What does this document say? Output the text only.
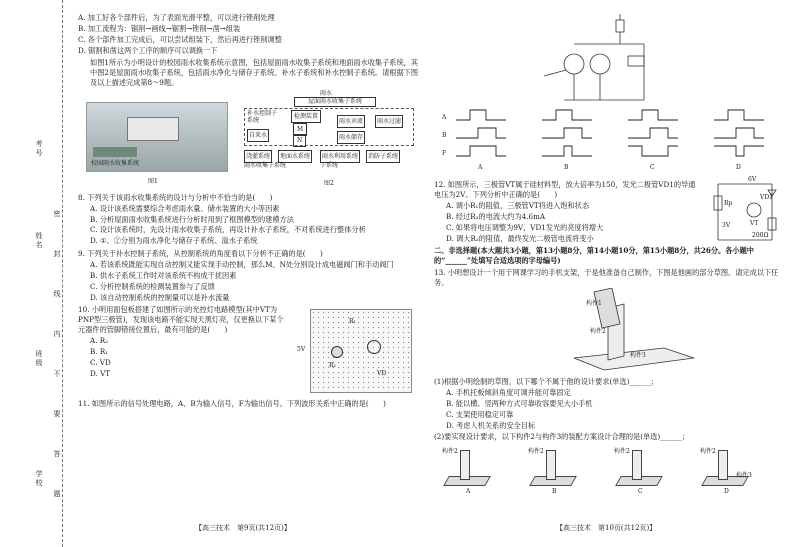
考号
姓名
班级
学校
密
封
线
内
不
要
答
题

A. 加工好各个部件后，为了表面光滑平整，可以进行锉削处理

B. 加工流程为：锯削→画线→锯割→锉削→凿→组装

C. 各个部件加工完成后，可以尝试组装下，然后再进行锉削调整

D. 锯割和凿这两个工序的顺序可以调换一下

如图1所示为小明设计的校园雨水收集系统示意图，包括屋面雨水收集子系统和地面雨水收集子系统，其中图2是屋面雨水收集子系统，包括雨水净化与储存子系统、补水子系统和补水控制子系统。请根据下图及以上描述完成第8～9题。

校园雨水收集系统
图1
雨水
屋面雨水收集子系统
补水控制子系统
检测装置
自来水
M
N
雨水弃流	雨水过滤
雨水储存
浇灌系统	地面水系统	雨水利用系统	消防子系统
雨水收集子系统	子系统
图2

8. 下列关于该雨水收集系统的设计与分析中不恰当的是(　　)

A. 设计该系统需要综合考虑雨水量、储水装置的大小等因素

B. 分析屋面雨水收集系统进行分析时用到了框图模型的建模方法

C. 设计该系统时，先设计雨水收集子系统，再设计补水子系统，不对系统进行整体分析

D. ①、②分别为雨水净化与储存子系统、溢水子系统

9. 下列关于补水控制子系统，从控制系统的角度看以下分析不正确的是(　　)

A. 若该系统既能实现自动控制又能实现手动控制，那么M、N处分别设计成电磁阀门和手动阀门

B. 供水子系统工作时对该系统不构成干扰因素

C. 分析控制系统的检测装置参与了反馈

D. 该自动控制系统的控制量可以是补水流量

10. 小明用面包板搭建了如图所示的光控灯电路模型(其中VT为PNP型三极管)，发现该电路不能实现天黑灯亮，仅更换以下某个元器件的管脚错接位置后，最有可能的是(　　)

A. R₂

B. R₁

C. VD

D. VT

5V
R₁
R₂
VD

11. 如图所示的信号处理电路，A、B为输入信号，F为输出信号。下列波形关系中正确的是(　　)

【高三技术　第9页(共12页)】
A
B
F
A	B	C	D

12. 如图所示，三极管VT属于硅材料型，放大倍率为150，发光二极管VD1的导通电压为2V。下列分析中正确的是(　　)

A. 调小R₁的阻值，三极管VT将进入饱和状态

B. 经过R₂的电流大约为4.6mA

C. 如果将电压调整为9V，VD1发光的亮度将增大

D. 调大R₂的阻值，最终发光二极管电流将变小

6V
VD1
Rp
VT
200Ω
3V

二、非选择题(本大题共3小题，第13小题8分，第14小题10分，第15小题8分，共26分。各小题中的“______”处填写合适选项的字母编号)

13. 小明想设计一个用于网课学习的手机支架，于是他准备自己制作，下图是他画的部分草图。请完成以下任务。

构件1
构件2
构件3

(1)根据小明绘制的草图，以下哪个不属于他的设计要求(单选)______；

A. 手机托板倾斜角度可调并能可靠固定

B. 能以横、竖两种方式可靠收容要见大小手机

C. 支架使用稳定可靠

D. 考虑人机关系的安全目标

(2)要实现设计要求，以下构件2与构件3的装配方案设计合理的是(单选)______；

构件2
A
构件2
B
构件2
C
构件2
构件3
D
【高三技术　第10页(共12页)】
